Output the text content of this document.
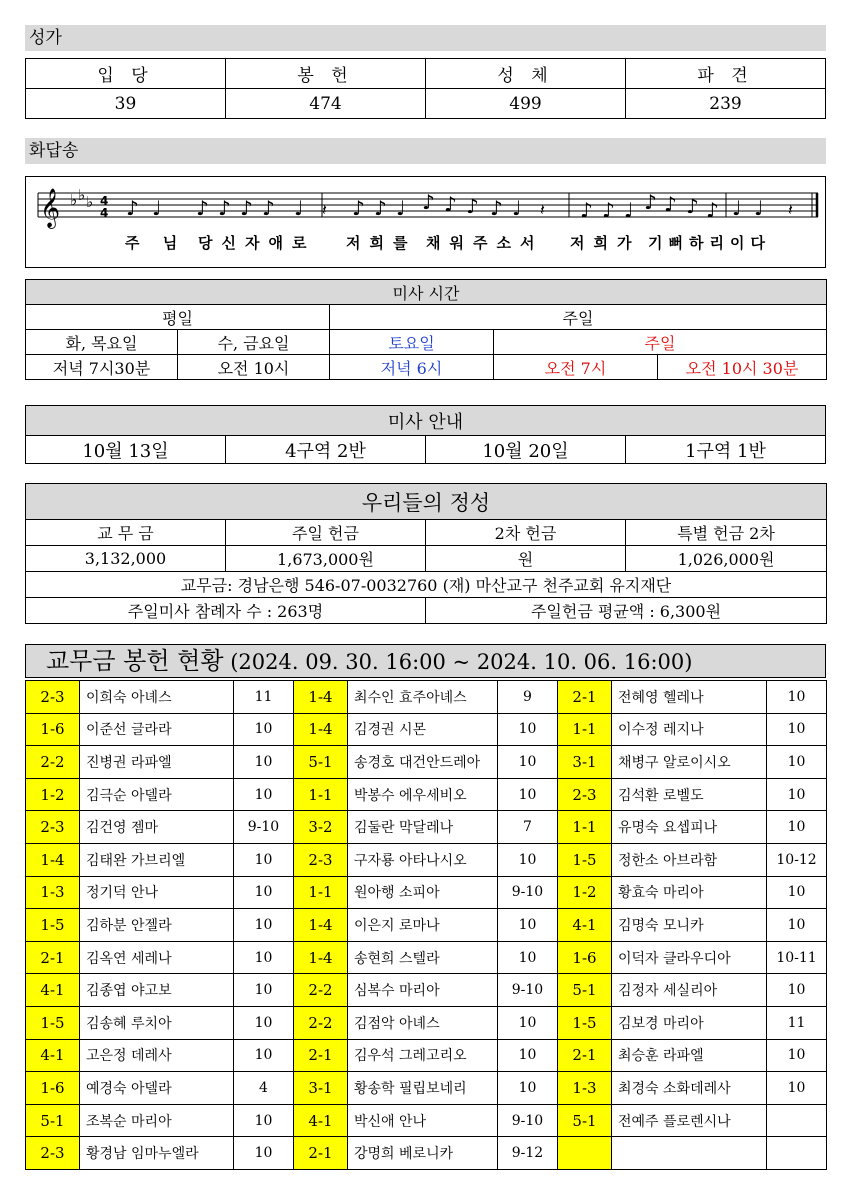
성가
입 당	봉 헌	성 체	파 견
39	474	499	239
화답송
𝄞 ♭ ♭ ♭ 4
4 ♪ ♩ ♪ ♪ ♪ ♪ ♩ ♪ ♪ ♩ ♪ ♪ ♪ ♪ ♩	♪ ♪ ♩ ♪ ♪ ♪ ♪ ♩ ♩
𝄽	𝄽	𝄽
주 님 당신자애로 저희를 채워주소서 저희가 기뻐하리이다
미사 시간				
평일		주일		
화, 목요일	수, 금요일	토요일	주일	
저녁 7시30분	오전 10시	저녁 6시	오전 7시	오전 10시 30분
미사 안내
10월 13일	4구역 2반	10월 20일	1구역 1반
우리들의 정성			
교 무 금	주일 헌금	2차 헌금	특별 헌금 2차
3,132,000	1,673,000원	원	1,026,000원
교무금: 경남은행 546-07-0032760 (재) 마산교구 천주교회 유지재단			
주일미사 참례자 수 : 263명		주일헌금 평균액 : 6,300원	
교무금 봉헌 현황 (2024. 09. 30. 16:00 ~ 2024. 10. 06. 16:00)
2-3	이희숙 아녜스	11	1-4	최수인 효주아녜스	9	2-1	전혜영 헬레나	10
1-6	이준선 글라라	10	1-4	김경권 시몬	10	1-1	이수정 레지나	10
2-2	진병권 라파엘	10	5-1	송경호 대건안드레아	10	3-1	채병구 알로이시오	10
1-2	김극순 아델라	10	1-1	박봉수 에우세비오	10	2-3	김석환 로벨도	10
2-3	김건영 젬마	9-10	3-2	김둘란 막달레나	7	1-1	유명숙 요셉피나	10
1-4	김태완 가브리엘	10	2-3	구자룡 아타나시오	10	1-5	정한소 아브라함	10-12
1-3	정기덕 안나	10	1-1	원아행 소피아	9-10	1-2	황효숙 마리아	10
1-5	김하분 안젤라	10	1-4	이은지 로마나	10	4-1	김명숙 모니카	10
2-1	김옥연 세레나	10	1-4	송현희 스텔라	10	1-6	이덕자 클라우디아	10-11
4-1	김종엽 야고보	10	2-2	심복수 마리아	9-10	5-1	김정자 세실리아	10
1-5	김송혜 루치아	10	2-2	김점악 아녜스	10	1-5	김보경 마리아	11
4-1	고은정 데레사	10	2-1	김우석 그레고리오	10	2-1	최승훈 라파엘	10
1-6	예경숙 아델라	4	3-1	황송학 필립보네리	10	1-3	최경숙 소화데레사	10
5-1	조복순 마리아	10	4-1	박신애 안나	9-10	5-1	전예주 플로렌시나	
2-3	황경남 임마누엘라	10	2-1	강명희 베로니카	9-12			
